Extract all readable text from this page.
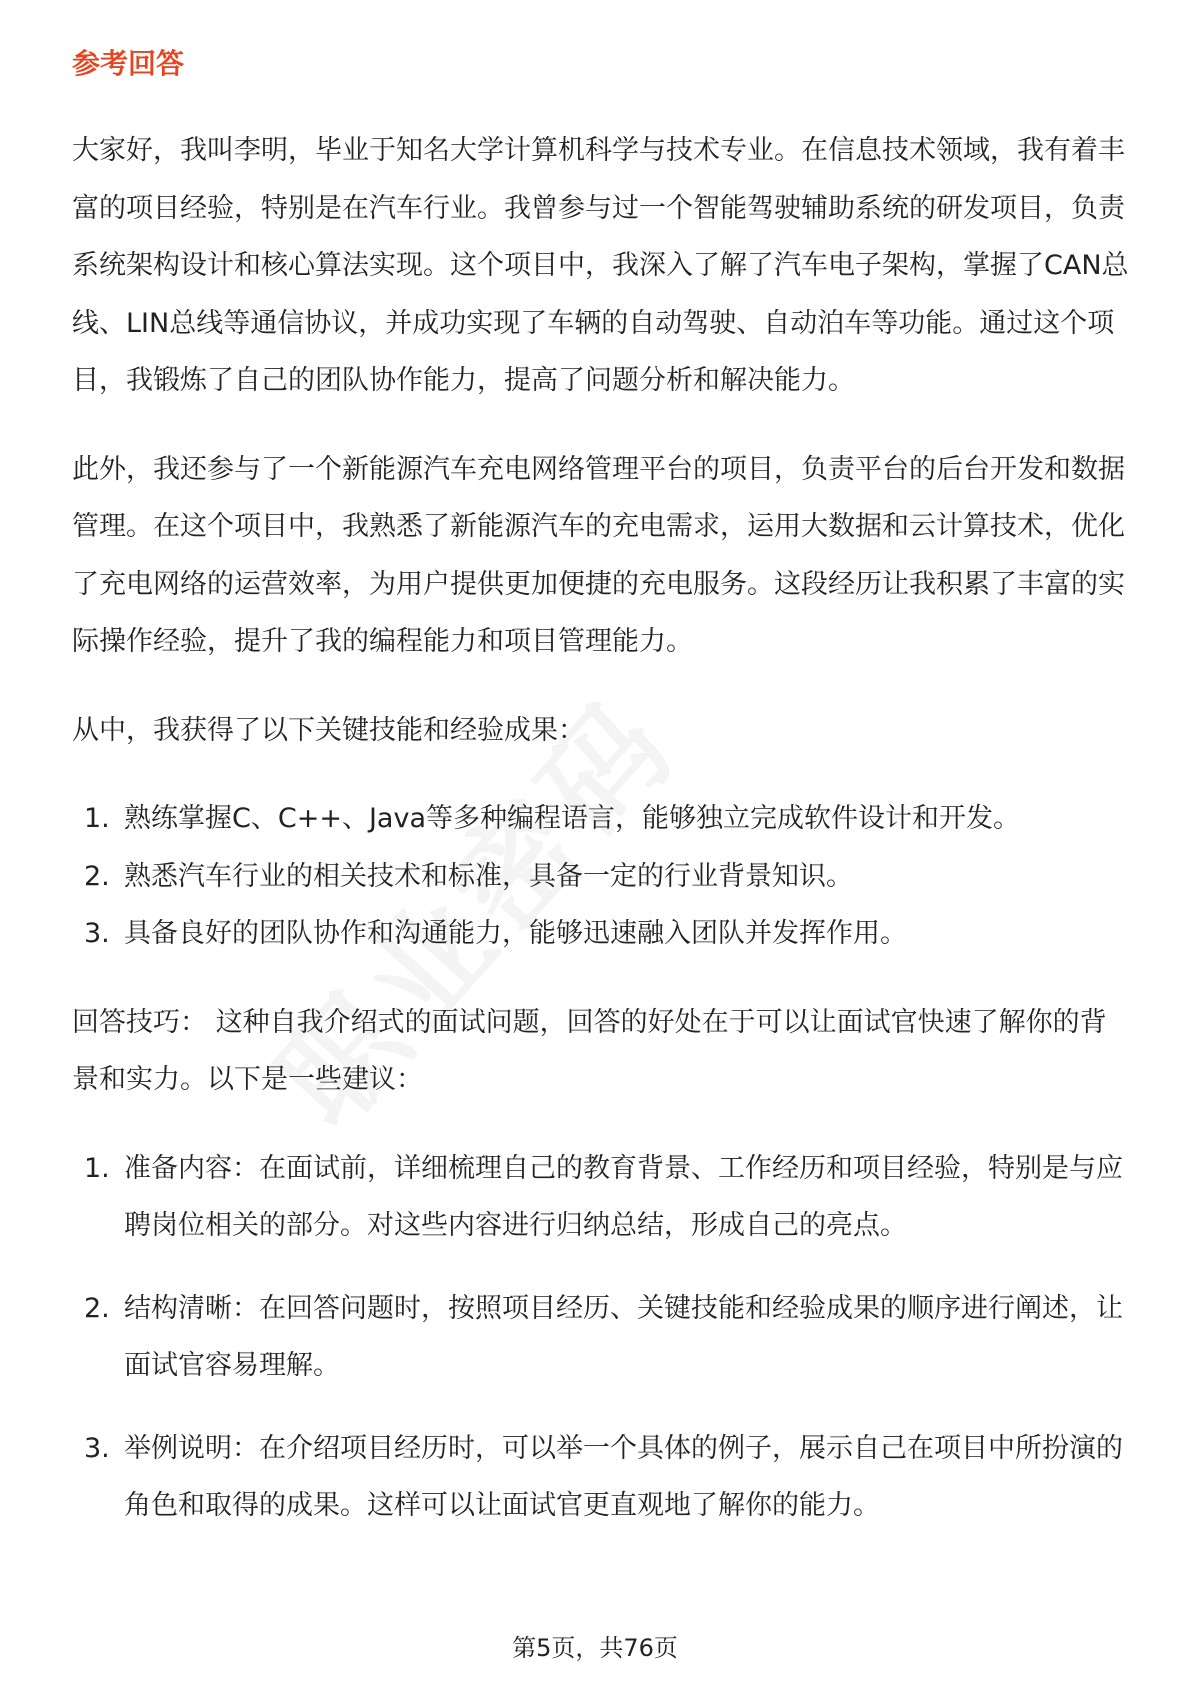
参考回答

大家好，我叫李明，毕业于知名大学计算机科学与技术专业。在信息技术领域，我有着丰富的项目经验，特别是在汽车行业。我曾参与过一个智能驾驶辅助系统的研发项目，负责系统架构设计和核心算法实现。这个项目中，我深入了解了汽车电子架构，掌握了CAN总线、LIN总线等通信协议，并成功实现了车辆的自动驾驶、自动泊车等功能。通过这个项目，我锻炼了自己的团队协作能力，提高了问题分析和解决能力。

此外，我还参与了一个新能源汽车充电网络管理平台的项目，负责平台的后台开发和数据管理。在这个项目中，我熟悉了新能源汽车的充电需求，运用大数据和云计算技术，优化了充电网络的运营效率，为用户提供更加便捷的充电服务。这段经历让我积累了丰富的实际操作经验，提升了我的编程能力和项目管理能力。

从中，我获得了以下关键技能和经验成果：

1. 熟练掌握C、C++、Java等多种编程语言，能够独立完成软件设计和开发。
2. 熟悉汽车行业的相关技术和标准，具备一定的行业背景知识。
3. 具备良好的团队协作和沟通能力，能够迅速融入团队并发挥作用。

回答技巧： 这种自我介绍式的面试问题，回答的好处在于可以让面试官快速了解你的背景和实力。以下是一些建议：

1. 准备内容：在面试前，详细梳理自己的教育背景、工作经历和项目经验，特别是与应聘岗位相关的部分。对这些内容进行归纳总结，形成自己的亮点。
2. 结构清晰：在回答问题时，按照项目经历、关键技能和经验成果的顺序进行阐述，让面试官容易理解。
3. 举例说明：在介绍项目经历时，可以举一个具体的例子，展示自己在项目中所扮演的角色和取得的成果。这样可以让面试官更直观地了解你的能力。
第5页，共76页
